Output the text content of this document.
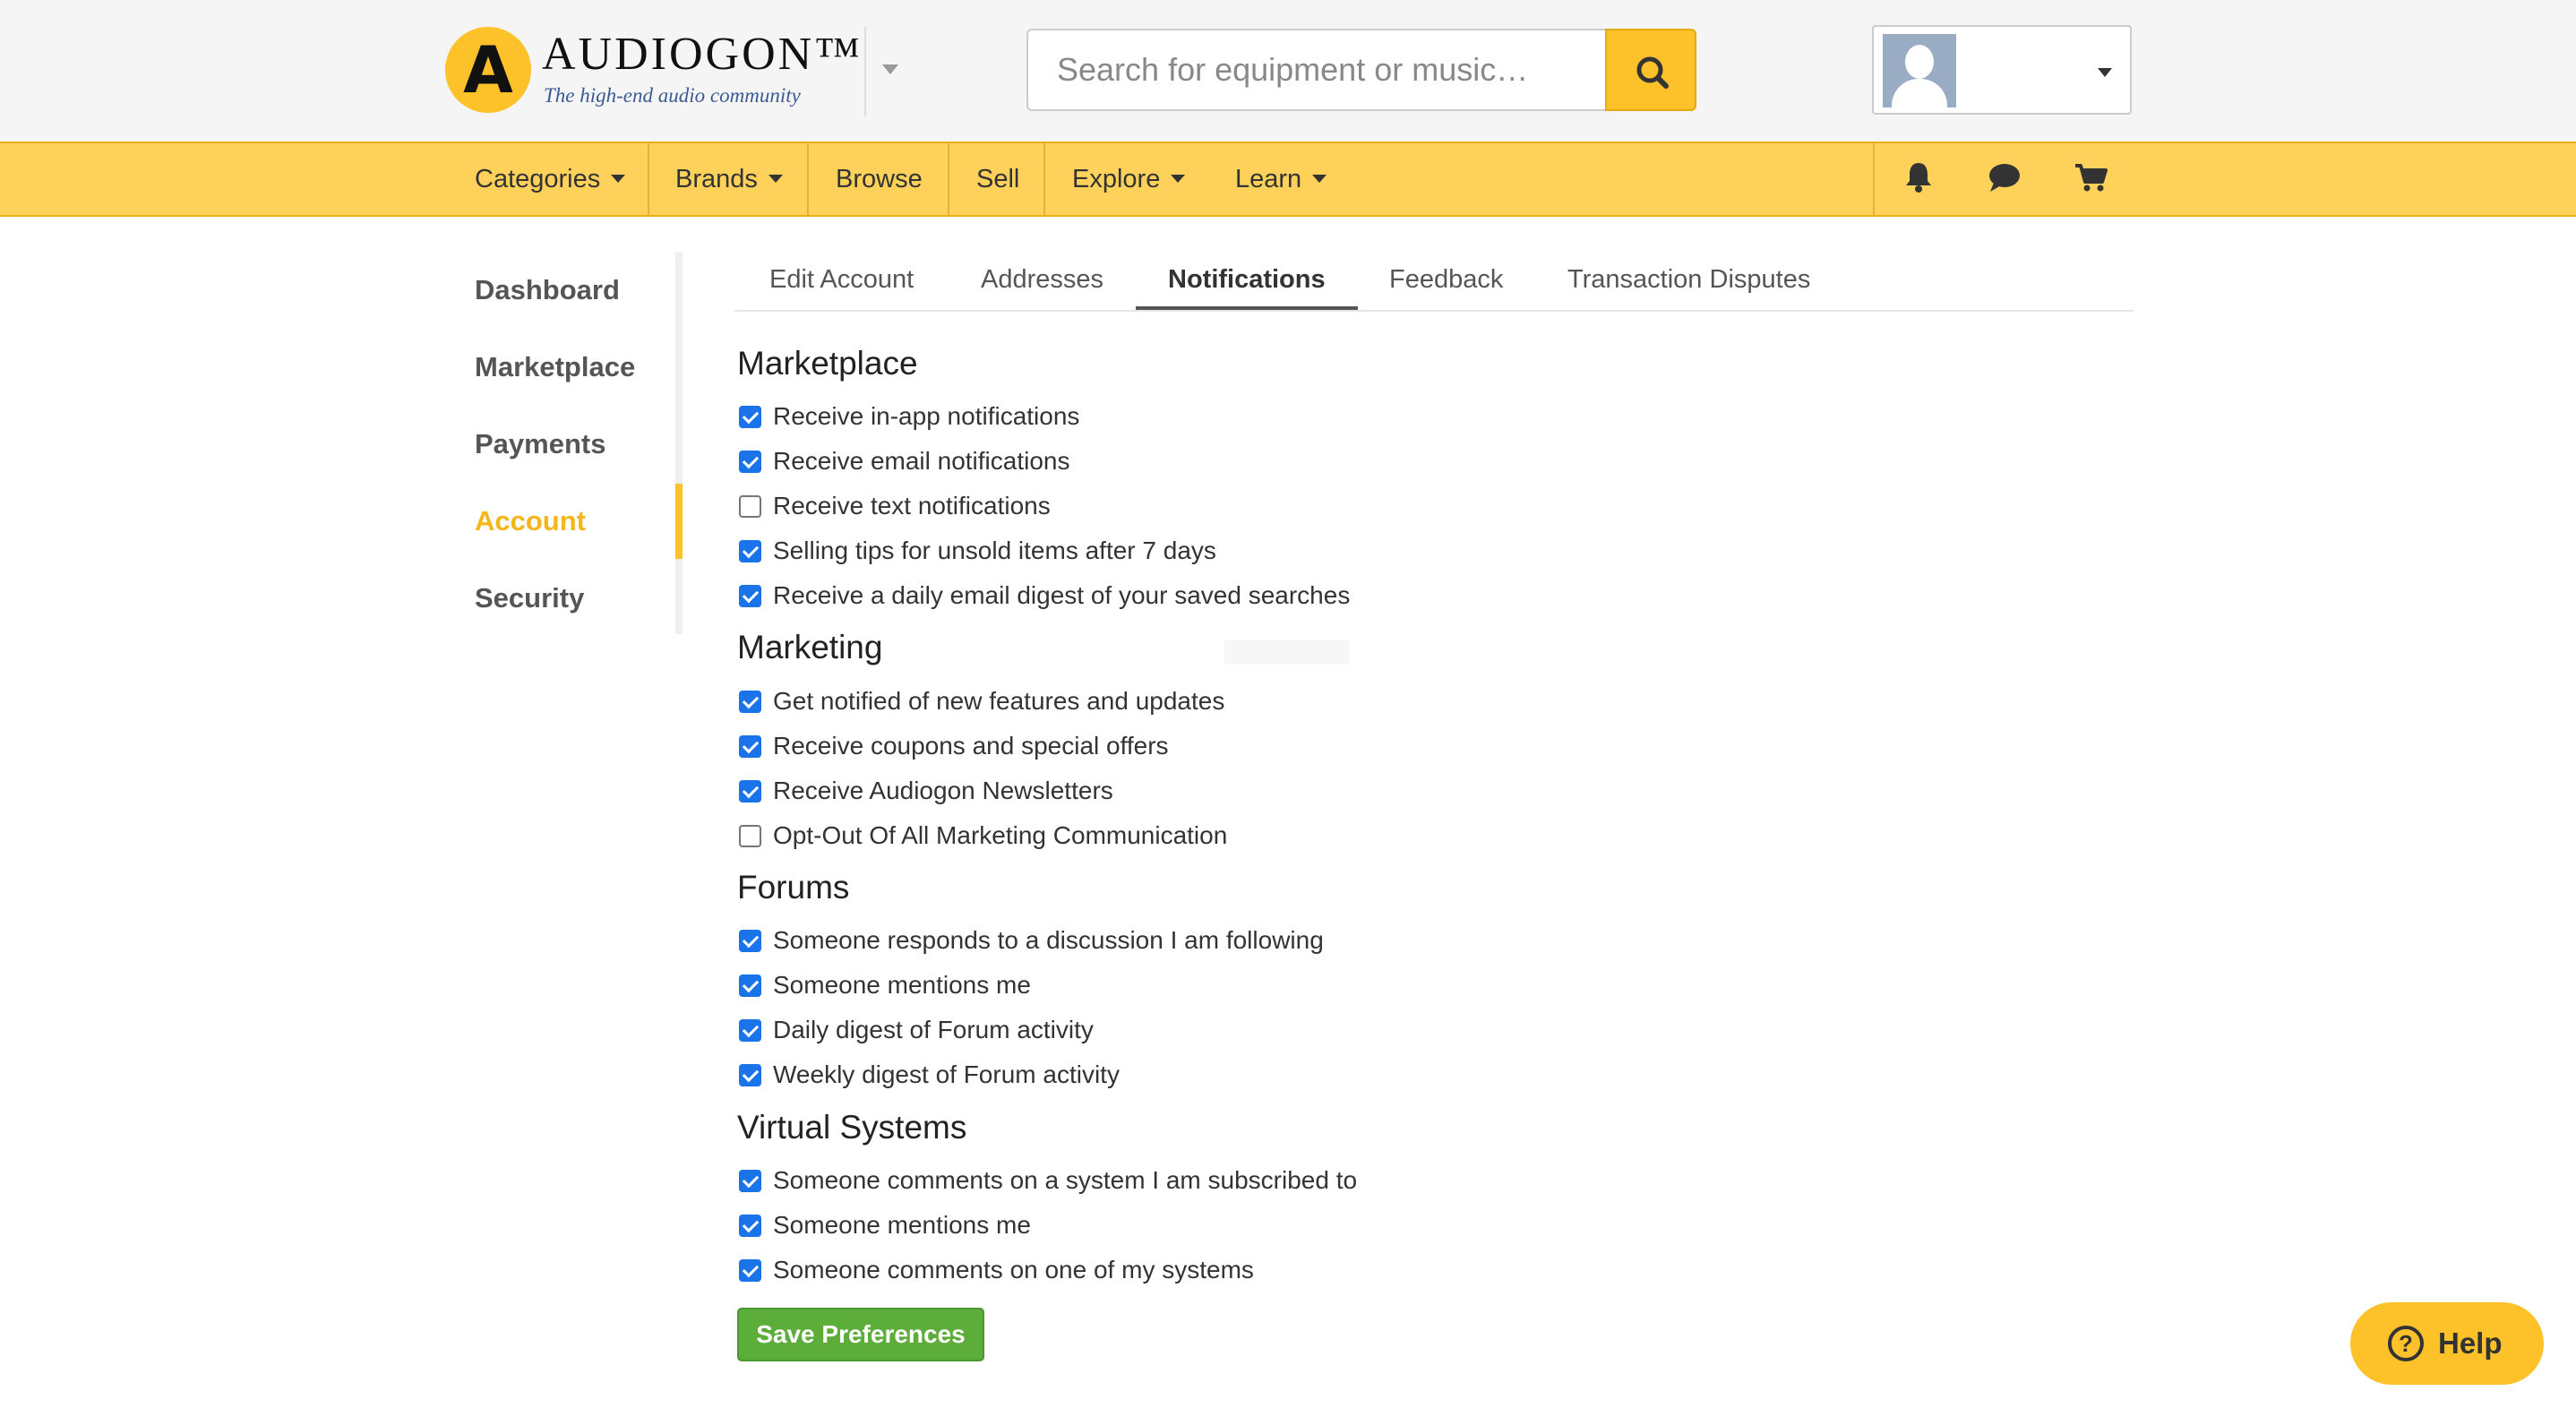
A AUDIOGON™
The high-end audio community
Search for equipment or music…
Categories	Brands	Browse Sell Explore	Learn
Dashboard
Marketplace
Payments
Account
Security
Edit Account	Addresses	Notifications	Feedback Transaction Disputes
Marketplace
Receive in-app notifications
Receive email notifications
Receive text notifications
Selling tips for unsold items after 7 days
Receive a daily email digest of your saved searches
Marketing
Get notified of new features and updates
Receive coupons and special offers
Receive Audiogon Newsletters
Opt-Out Of All Marketing Communication
Forums
Someone responds to a discussion I am following
Someone mentions me
Daily digest of Forum activity
Weekly digest of Forum activity
Virtual Systems
Someone comments on a system I am subscribed to
Someone mentions me
Someone comments on one of my systems
Save Preferences	? Help
